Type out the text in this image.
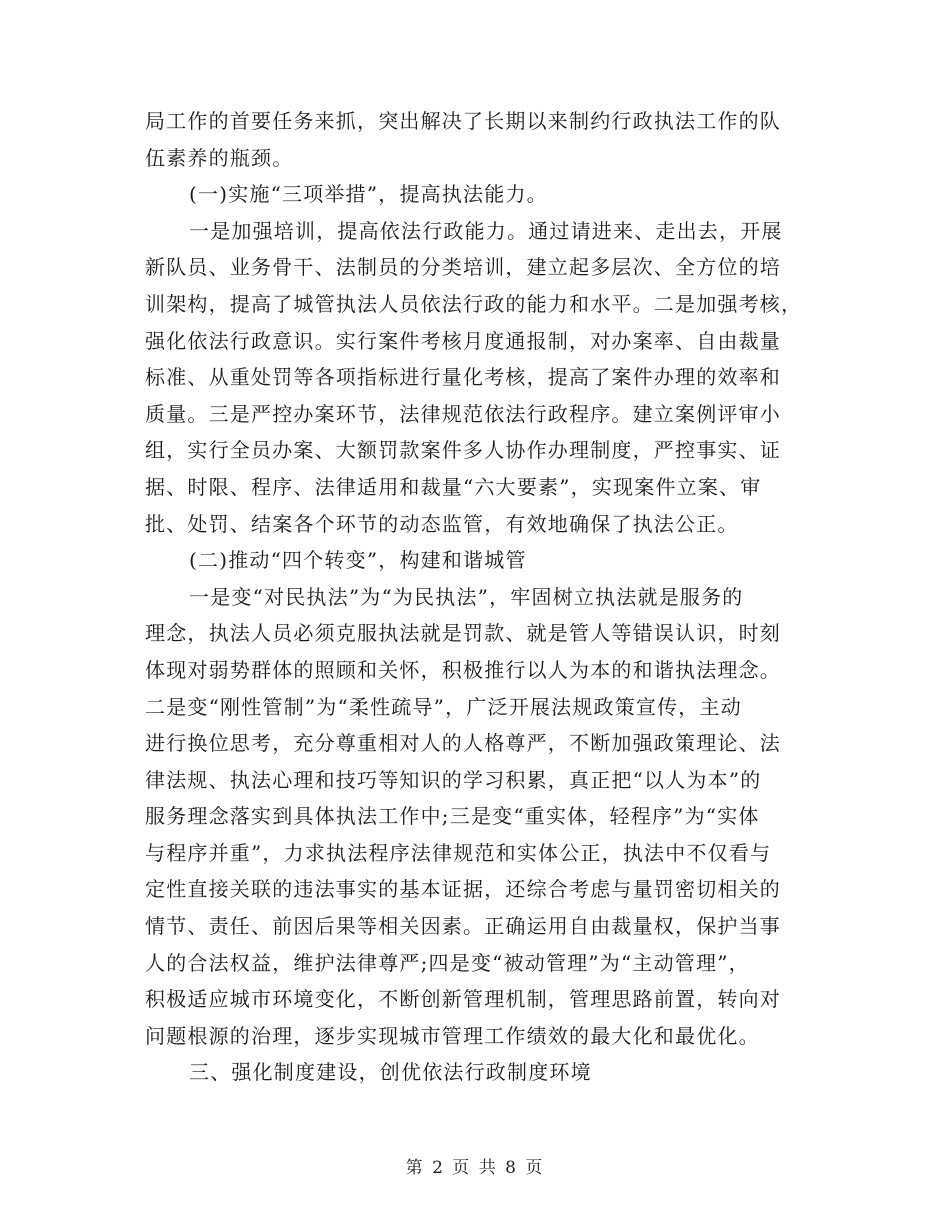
局工作的首要任务来抓，突出解决了长期以来制约行政执法工作的队
伍素养的瓶颈。
(一)实施“三项举措”，提高执法能力。
一是加强培训，提高依法行政能力。通过请进来、走出去，开展
新队员、业务骨干、法制员的分类培训，建立起多层次、全方位的培
训架构，提高了城管执法人员依法行政的能力和水平。二是加强考核，
强化依法行政意识。实行案件考核月度通报制，对办案率、自由裁量
标准、从重处罚等各项指标进行量化考核，提高了案件办理的效率和
质量。三是严控办案环节，法律规范依法行政程序。建立案例评审小
组，实行全员办案、大额罚款案件多人协作办理制度，严控事实、证
据、时限、程序、法律适用和裁量“六大要素”，实现案件立案、审
批、处罚、结案各个环节的动态监管，有效地确保了执法公正。
(二)推动“四个转变”，构建和谐城管
一是变“对民执法”为“为民执法”，牢固树立执法就是服务的
理念，执法人员必须克服执法就是罚款、就是管人等错误认识，时刻
体现对弱势群体的照顾和关怀，积极推行以人为本的和谐执法理念。
二是变“刚性管制”为“柔性疏导”，广泛开展法规政策宣传，主动
进行换位思考，充分尊重相对人的人格尊严，不断加强政策理论、法
律法规、执法心理和技巧等知识的学习积累，真正把“以人为本”的
服务理念落实到具体执法工作中;三是变“重实体，轻程序”为“实体
与程序并重”，力求执法程序法律规范和实体公正，执法中不仅看与
定性直接关联的违法事实的基本证据，还综合考虑与量罚密切相关的
情节、责任、前因后果等相关因素。正确运用自由裁量权，保护当事
人的合法权益，维护法律尊严;四是变“被动管理”为“主动管理”，
积极适应城市环境变化，不断创新管理机制，管理思路前置，转向对
问题根源的治理，逐步实现城市管理工作绩效的最大化和最优化。
三、强化制度建设，创优依法行政制度环境
第 2 页 共 8 页
